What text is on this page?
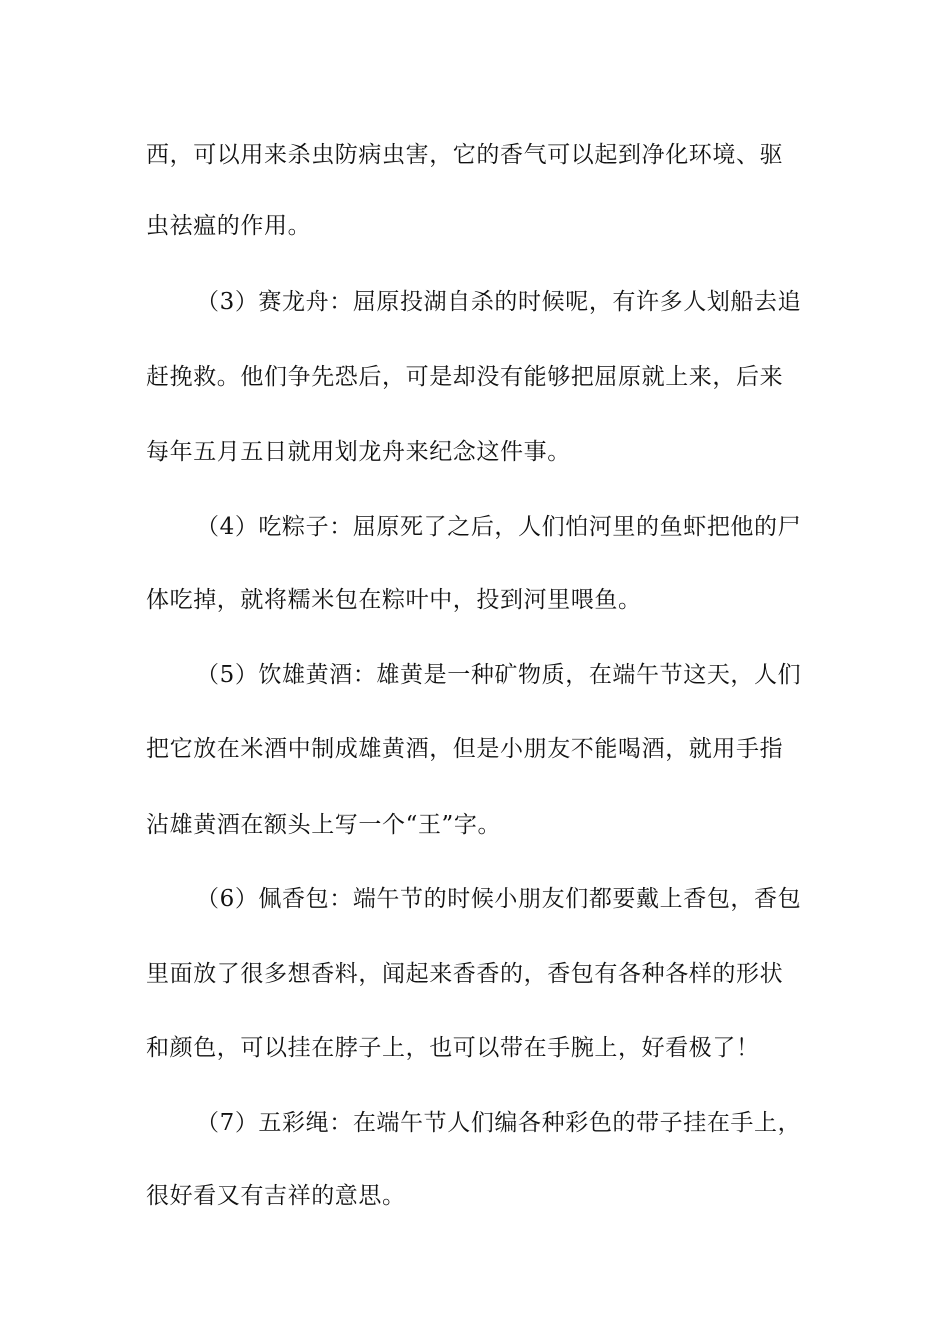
西，可以用来杀虫防病虫害，它的香气可以起到净化环境、驱
虫祛瘟的作用。
（3）赛龙舟：屈原投湖自杀的时候呢，有许多人划船去追
赶挽救。他们争先恐后，可是却没有能够把屈原就上来，后来
每年五月五日就用划龙舟来纪念这件事。
（4）吃粽子：屈原死了之后，人们怕河里的鱼虾把他的尸
体吃掉，就将糯米包在粽叶中，投到河里喂鱼。
（5）饮雄黄酒：雄黄是一种矿物质，在端午节这天，人们
把它放在米酒中制成雄黄酒，但是小朋友不能喝酒，就用手指
沾雄黄酒在额头上写一个“王”字。
（6）佩香包：端午节的时候小朋友们都要戴上香包，香包
里面放了很多想香料，闻起来香香的，香包有各种各样的形状
和颜色，可以挂在脖子上，也可以带在手腕上，好看极了！
（7）五彩绳：在端午节人们编各种彩色的带子挂在手上，
很好看又有吉祥的意思。
